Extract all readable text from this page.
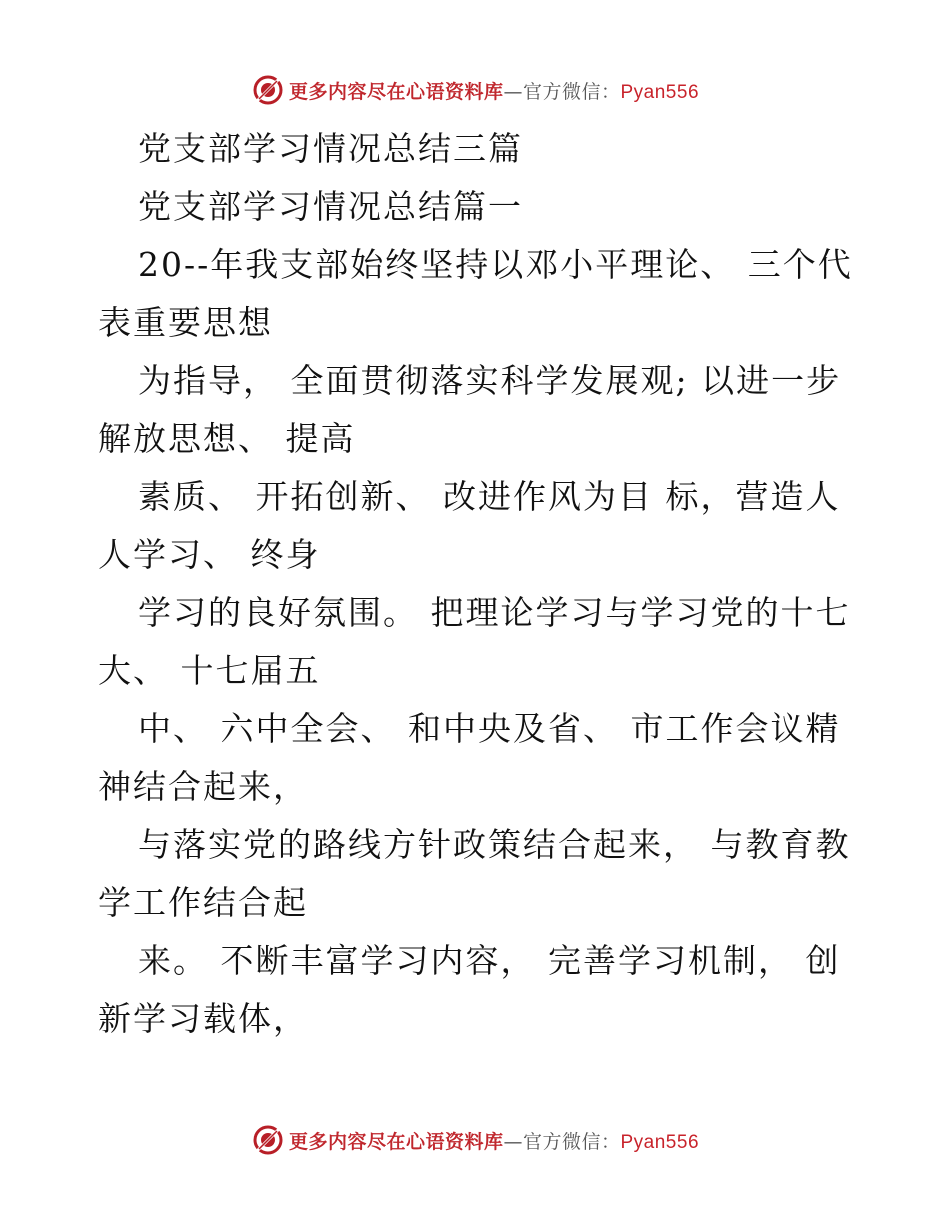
更多内容尽在心语资料库—官方微信：Pyan556
党支部学习情况总结三篇
党支部学习情况总结篇一
20--年我支部始终坚持以邓小平理论、 三个代
表重要思想
为指导， 全面贯彻落实科学发展观; 以进一步
解放思想、 提高
素质、 开拓创新、 改进作风为目 标，营造人
人学习、 终身
学习的良好氛围。 把理论学习与学习党的十七
大、 十七届五
中、 六中全会、 和中央及省、 市工作会议精
神结合起来，
与落实党的路线方针政策结合起来， 与教育教
学工作结合起
来。 不断丰富学习内容， 完善学习机制， 创
新学习载体，
更多内容尽在心语资料库—官方微信：Pyan556
